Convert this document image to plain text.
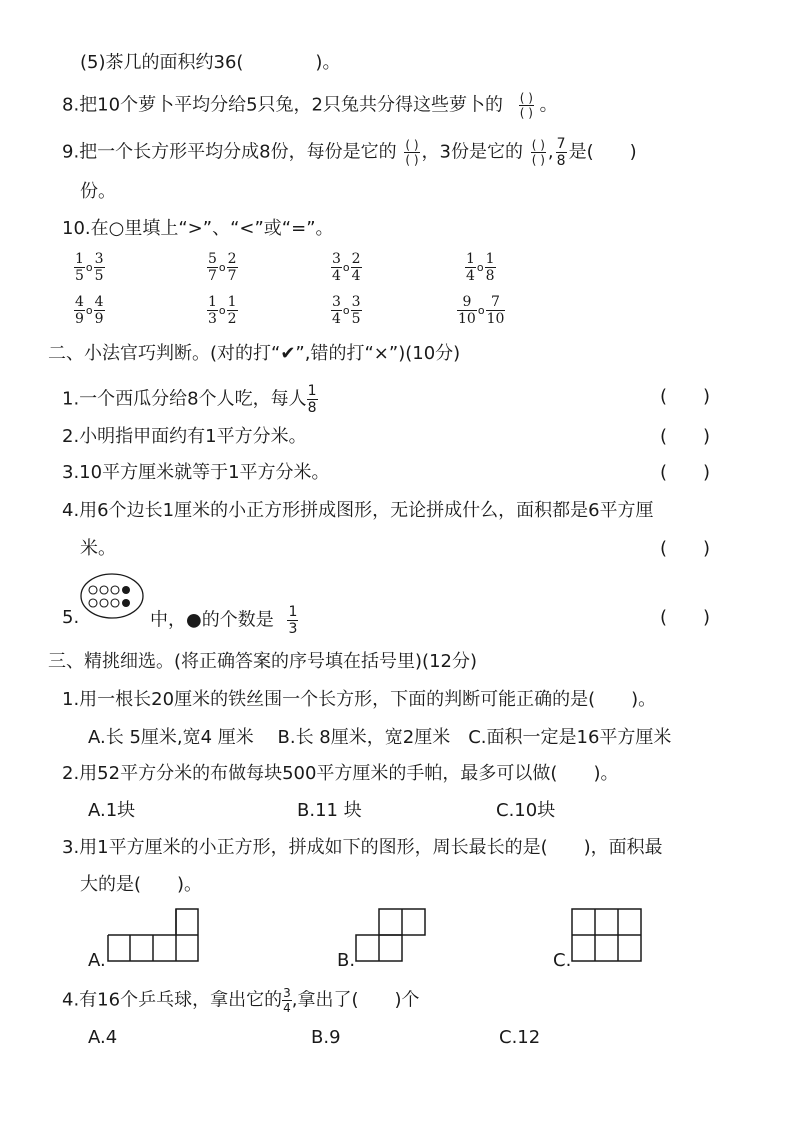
(5)茶几的面积约36(　　　　)。
8.把10个萝卜平均分给5只兔，2只兔共分得这些萝卜的 $\frac{( )}{( )}$ 。
9.把一个长方形平均分成8份，每份是它的 $\frac{( )}{( )}$ ，3份是它的 $\frac{( )}{( )}$ , $\frac{7}{8}$ 是(　　)
份。
10.在○里填上“>”、“<”或“=”。
$\frac{1}{5}$ o $\frac{3}{5}$	$\frac{5}{7}$ o $\frac{2}{7}$	$\frac{3}{4}$ o $\frac{2}{4}$	$\frac{1}{4}$ o $\frac{1}{8}$
$\frac{4}{9}$ o $\frac{4}{9}$	$\frac{1}{3}$ o $\frac{1}{2}$	$\frac{3}{4}$ o $\frac{3}{5}$	$\frac{9}{10}$ o $\frac{7}{10}$
二、小法官巧判断。(对的打“✔”,错的打“×”)(10分)
1.一个西瓜分给8个人吃，每人 $\frac{1}{8}$	(　　)
2.小明指甲面约有1平方分米。	(　　)
3.10平方厘米就等于1平方分米。	(　　)
4.用6个边长1厘米的小正方形拼成图形，无论拼成什么，面积都是6平方厘
米。	(　　)
5.	中，●的个数是 $\frac{1}{3}$	(　　)
三、精挑细选。(将正确答案的序号填在括号里)(12分)
1.用一根长20厘米的铁丝围一个长方形，下面的判断可能正确的是(　　)。
A.长 5厘米,宽4 厘米　 B.长 8厘米，宽2厘米　C.面积一定是16平方厘米
2.用52平方分米的布做每块500平方厘米的手帕，最多可以做(　　)。
A.1块	B.11 块	C.10块
3.用1平方厘米的小正方形，拼成如下的图形，周长最长的是(　　)，面积最
大的是(　　)。
A.	B.	C.
4.有16个乒乓球，拿出它的 $\frac{3}{4}$ ,拿出了(　　)个
A.4	B.9	C.12
